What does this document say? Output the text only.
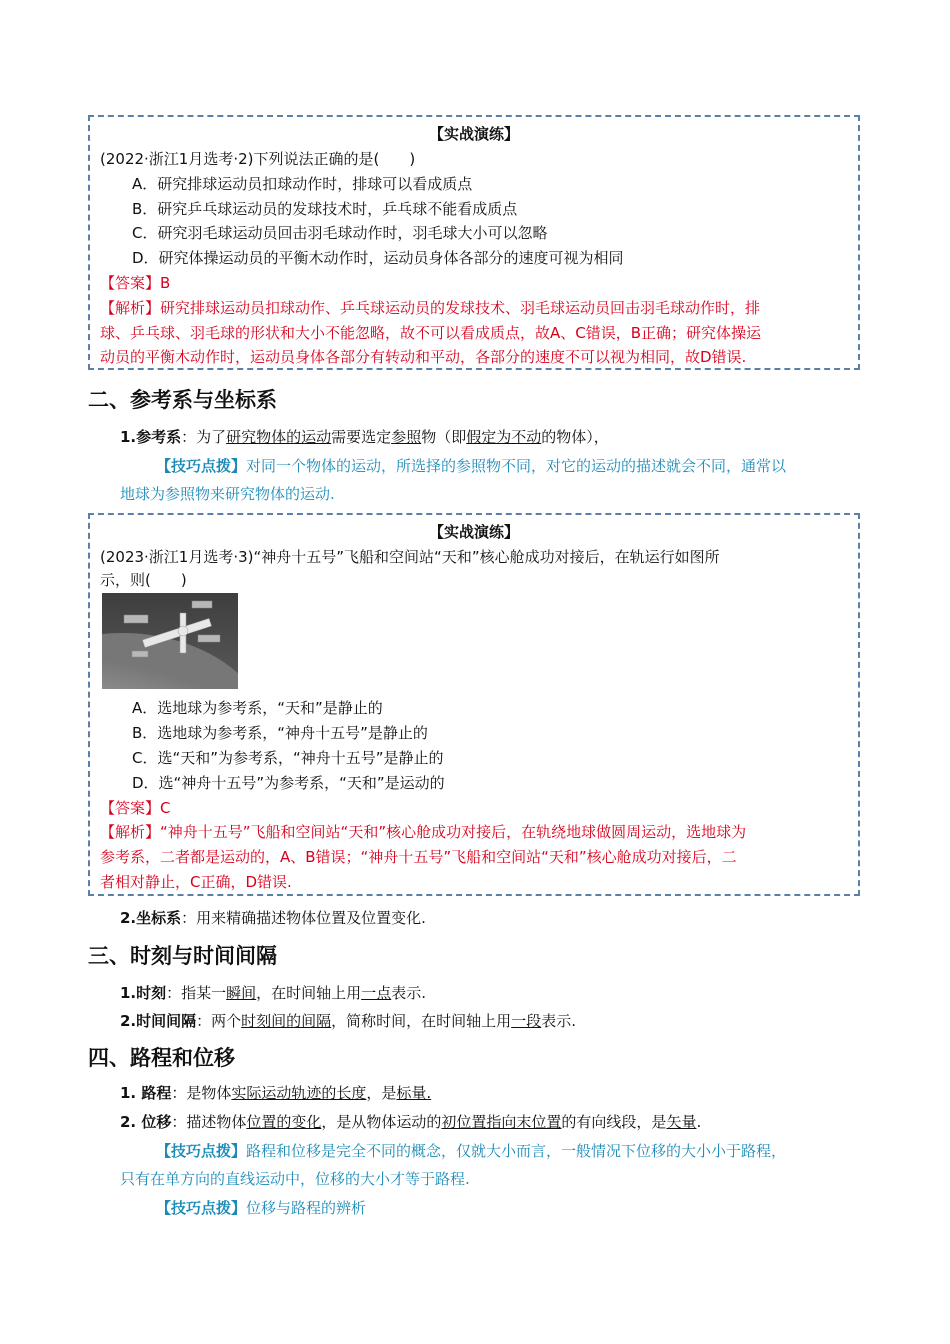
【实战演练】
(2022·浙江1月选考·2)下列说法正确的是(　　)
A．研究排球运动员扣球动作时，排球可以看成质点
B．研究乒乓球运动员的发球技术时，乒乓球不能看成质点
C．研究羽毛球运动员回击羽毛球动作时，羽毛球大小可以忽略
D．研究体操运动员的平衡木动作时，运动员身体各部分的速度可视为相同
【答案】B
【解析】研究排球运动员扣球动作、乒乓球运动员的发球技术、羽毛球运动员回击羽毛球动作时，排
球、乒乓球、羽毛球的形状和大小不能忽略，故不可以看成质点，故A、C错误，B正确；研究体操运
动员的平衡木动作时，运动员身体各部分有转动和平动，各部分的速度不可以视为相同，故D错误.
二、参考系与坐标系
1.参考系：为了研究物体的运动需要选定参照物（即假定为不动的物体），
【技巧点拨】对同一个物体的运动，所选择的参照物不同，对它的运动的描述就会不同，通常以
地球为参照物来研究物体的运动.
【实战演练】
(2023·浙江1月选考·3)“神舟十五号”飞船和空间站“天和”核心舱成功对接后，在轨运行如图所
示，则(　　)
A．选地球为参考系，“天和”是静止的
B．选地球为参考系，“神舟十五号”是静止的
C．选“天和”为参考系，“神舟十五号”是静止的
D．选“神舟十五号”为参考系，“天和”是运动的
【答案】C
【解析】“神舟十五号”飞船和空间站“天和”核心舱成功对接后，在轨绕地球做圆周运动，选地球为
参考系，二者都是运动的，A、B错误；“神舟十五号”飞船和空间站“天和”核心舱成功对接后，二
者相对静止，C正确，D错误.
2.坐标系：用来精确描述物体位置及位置变化.
三、时刻与时间间隔
1.时刻：指某一瞬间，在时间轴上用一点表示.
2.时间间隔：两个时刻间的间隔，简称时间，在时间轴上用一段表示.
四、路程和位移
1. 路程：是物体实际运动轨迹的长度，是标量.
2. 位移：描述物体位置的变化，是从物体运动的初位置指向末位置的有向线段，是矢量.
【技巧点拨】路程和位移是完全不同的概念，仅就大小而言，一般情况下位移的大小小于路程，
只有在单方向的直线运动中，位移的大小才等于路程.
【技巧点拨】位移与路程的辨析
